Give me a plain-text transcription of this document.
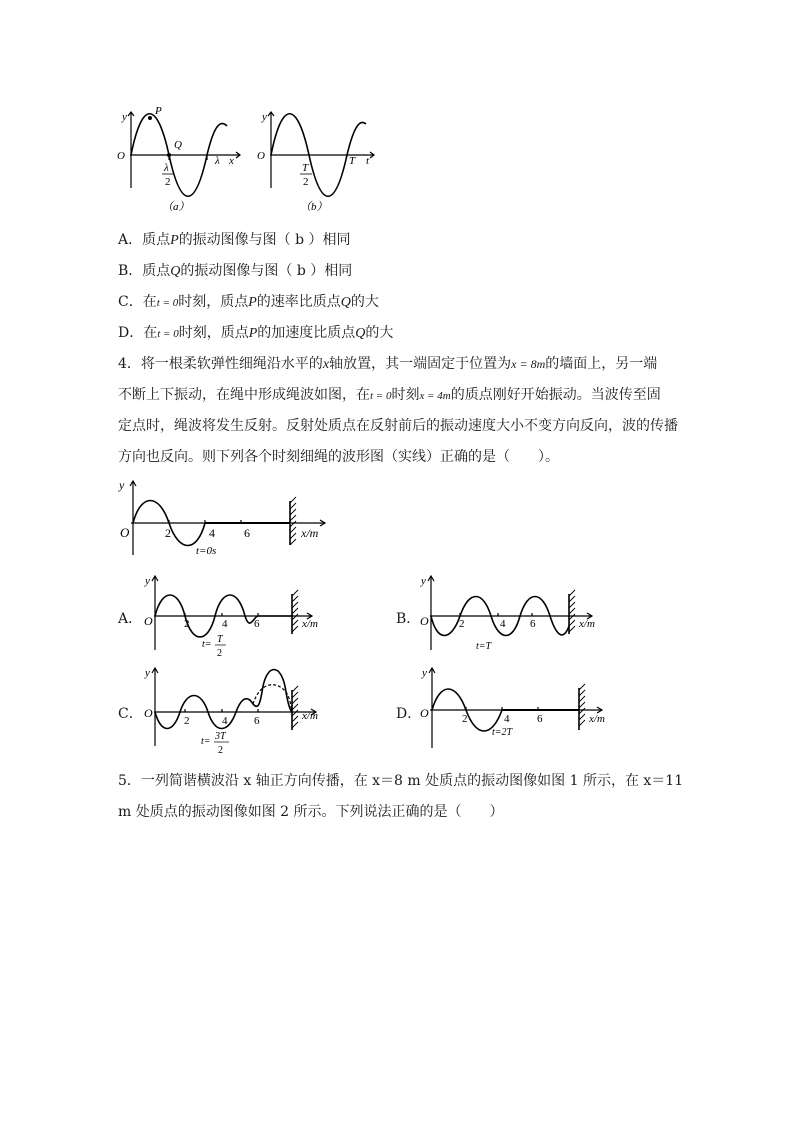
y	P
O
Q
λ x
λ
2
（a）
y
O	T t
T
2
（b）
A．质点P的振动图像与图（ b ）相同
B．质点Q的振动图像与图（ b ）相同
C．在t = 0时刻，质点P的速率比质点Q的大
D．在t = 0时刻，质点P的加速度比质点Q的大
4．将一根柔软弹性细绳沿水平的x轴放置，其一端固定于位置为x = 8m的墙面上，另一端
不断上下振动，在绳中形成绳波如图，在t = 0时刻x = 4m的质点刚好开始振动。当波传至固
定点时，绳波将发生反射。反射处质点在反射前后的振动速度大小不变方向反向，波的传播
方向也反向。则下列各个时刻细绳的波形图（实线）正确的是（　　）。
y
O	2	4 6	x/m
t=0s
A．
y
O	2	4 6	x/m
t= T
2
B．
y
O	2	4 6	x/m
t=T
C．
y
O
2	4 6	x/m
t= 3T
2
D．
y
O	2	4	6	x/m
t=2T
5．一列简谐横波沿 x 轴正方向传播，在 x＝8 m 处质点的振动图像如图 1 所示，在 x＝11
m 处质点的振动图像如图 2 所示。下列说法正确的是（　　）
